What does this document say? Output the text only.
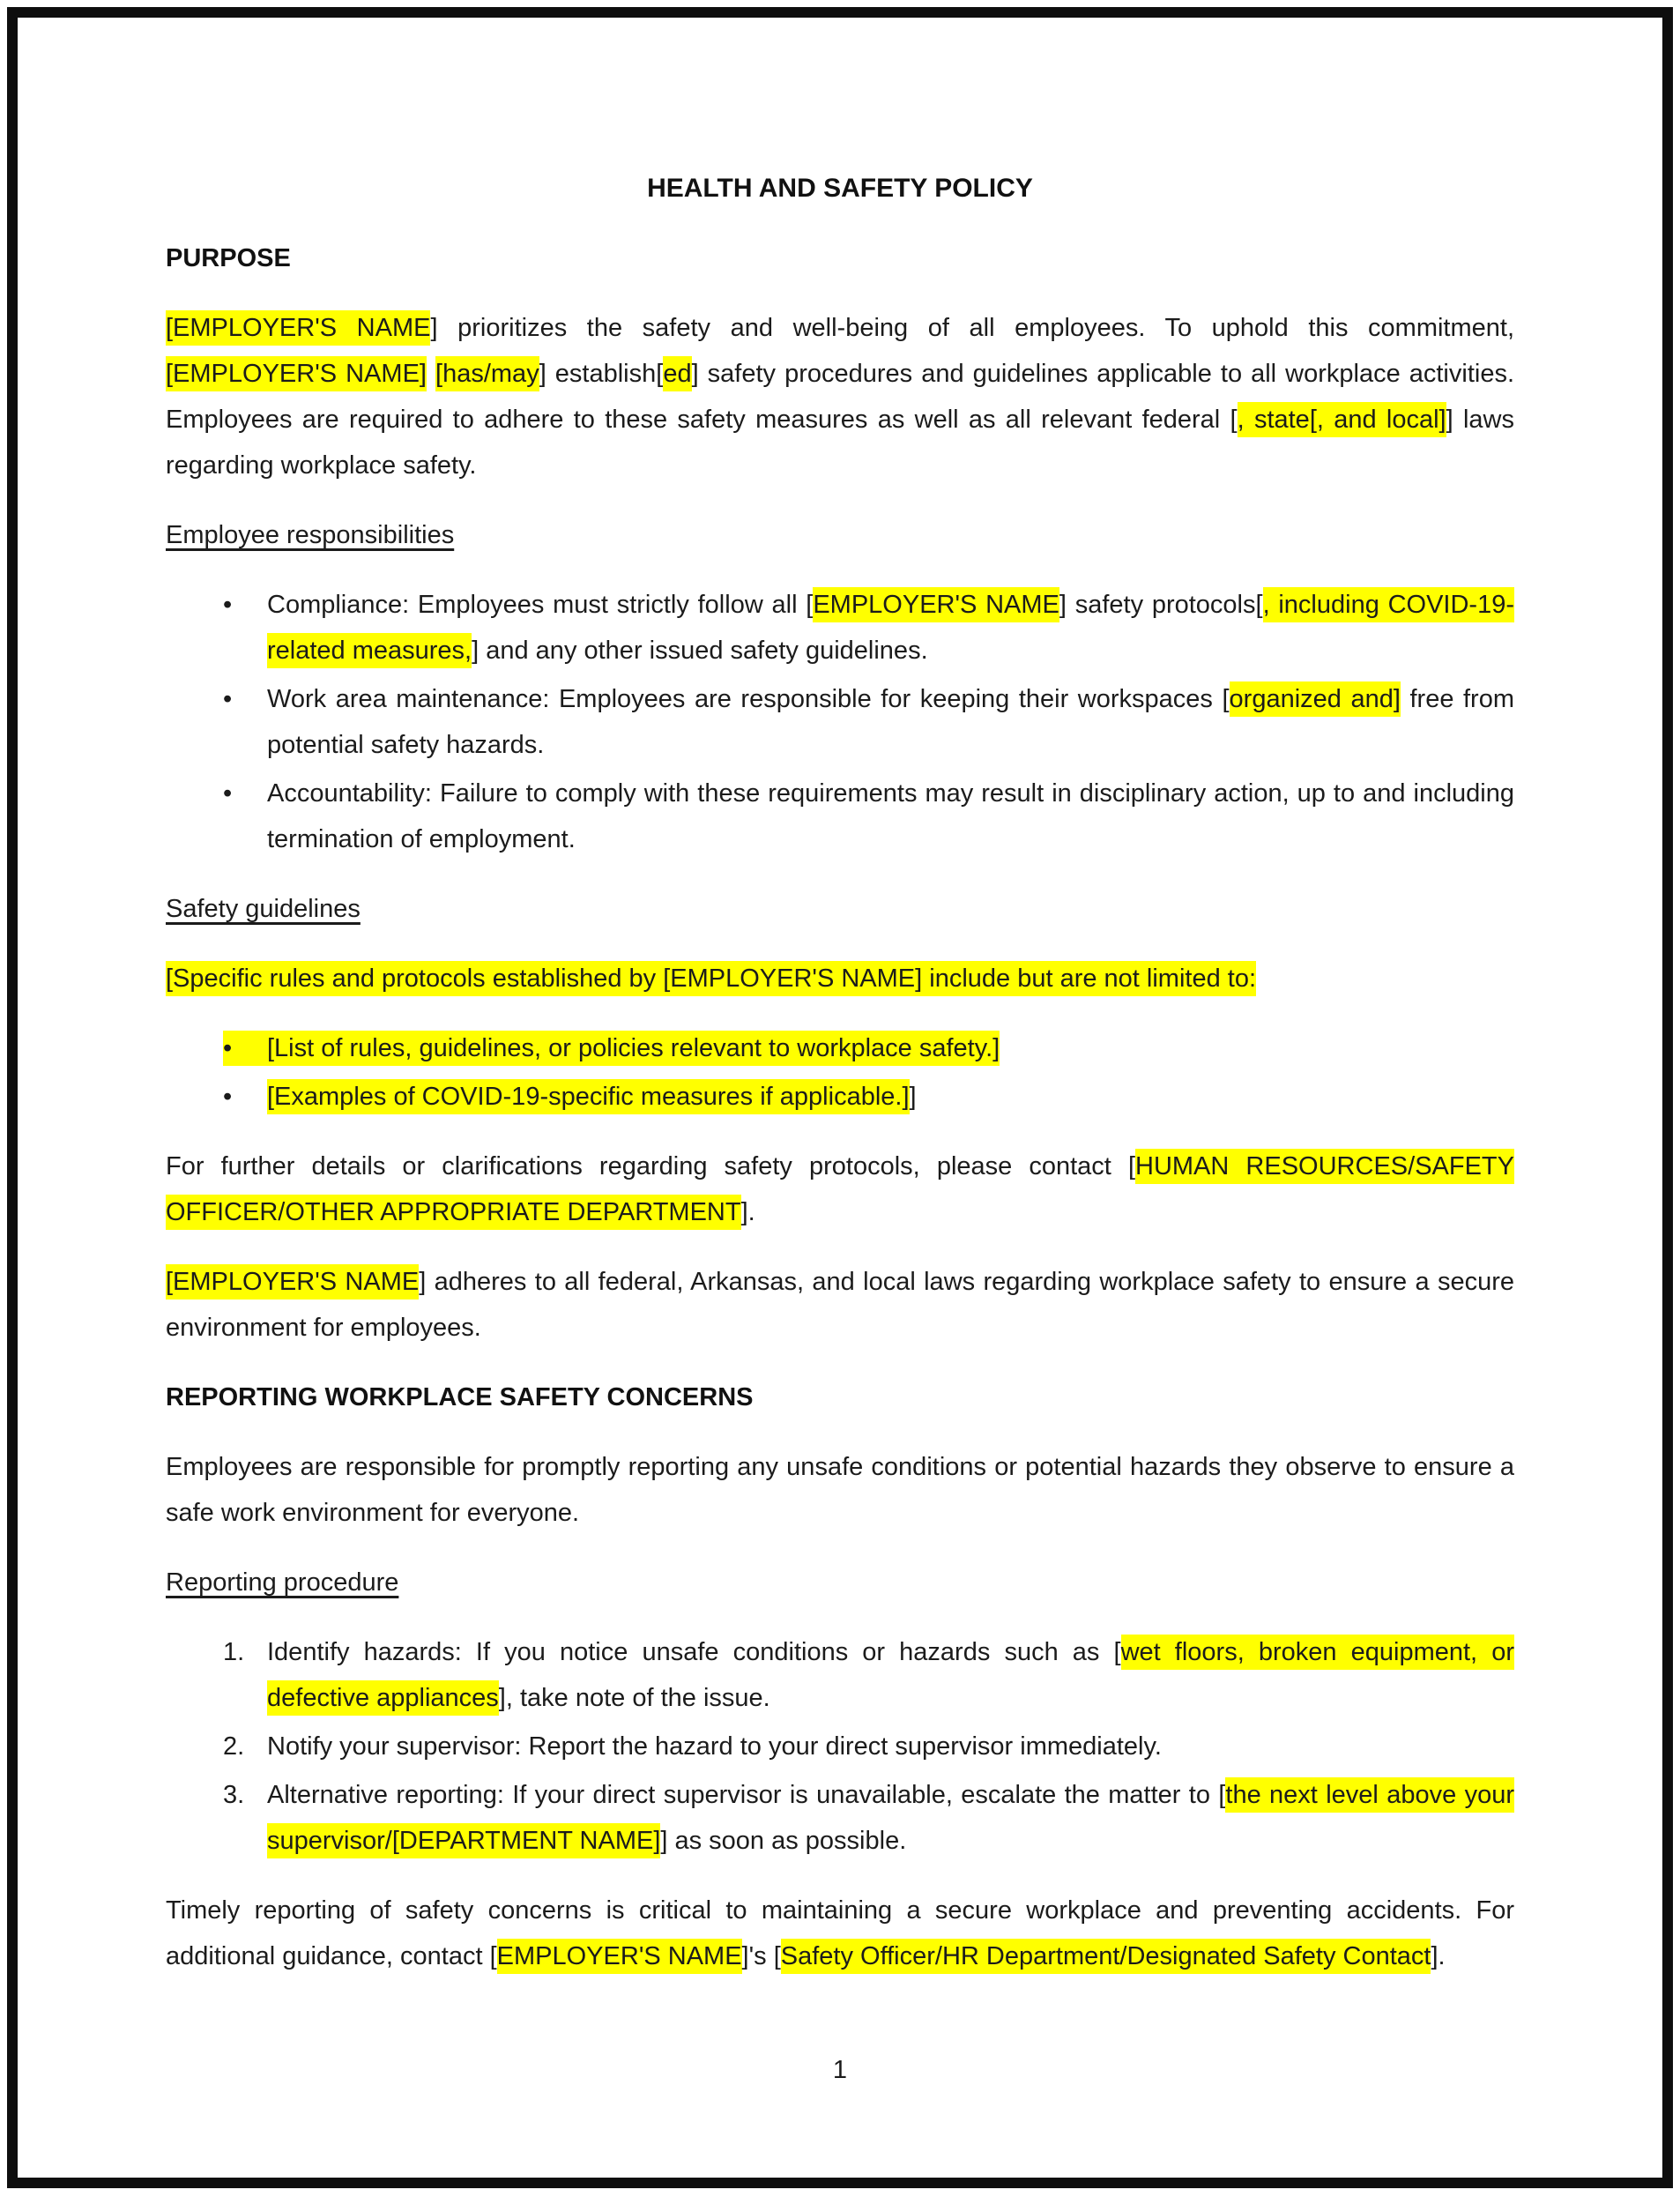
HEALTH AND SAFETY POLICY
PURPOSE

[EMPLOYER'S NAME] prioritizes the safety and well-being of all employees. To uphold this commitment, [EMPLOYER'S NAME] [has/may] establish[ed] safety procedures and guidelines applicable to all workplace activities. Employees are required to adhere to these safety measures as well as all relevant federal [, state[, and local]] laws regarding workplace safety.

Employee responsibilities
• Compliance: Employees must strictly follow all [EMPLOYER'S NAME] safety protocols[, including COVID-19-related measures,] and any other issued safety guidelines.
• Work area maintenance: Employees are responsible for keeping their workspaces [organized and] free from potential safety hazards.
• Accountability: Failure to comply with these requirements may result in disciplinary action, up to and including termination of employment.
Safety guidelines

[Specific rules and protocols established by [EMPLOYER'S NAME] include but are not limited to:

• [List of rules, guidelines, or policies relevant to workplace safety.]
• [Examples of COVID-19-specific measures if applicable.]]

For further details or clarifications regarding safety protocols, please contact [HUMAN RESOURCES/SAFETY OFFICER/OTHER APPROPRIATE DEPARTMENT].

[EMPLOYER'S NAME] adheres to all federal, Arkansas, and local laws regarding workplace safety to ensure a secure environment for employees.

REPORTING WORKPLACE SAFETY CONCERNS

Employees are responsible for promptly reporting any unsafe conditions or potential hazards they observe to ensure a safe work environment for everyone.

Reporting procedure
1. Identify hazards: If you notice unsafe conditions or hazards such as [wet floors, broken equipment, or defective appliances], take note of the issue.
2. Notify your supervisor: Report the hazard to your direct supervisor immediately.
3. Alternative reporting: If your direct supervisor is unavailable, escalate the matter to [the next level above your supervisor/[DEPARTMENT NAME]] as soon as possible.

Timely reporting of safety concerns is critical to maintaining a secure workplace and preventing accidents. For additional guidance, contact [EMPLOYER'S NAME]'s [Safety Officer/HR Department/Designated Safety Contact].

1
